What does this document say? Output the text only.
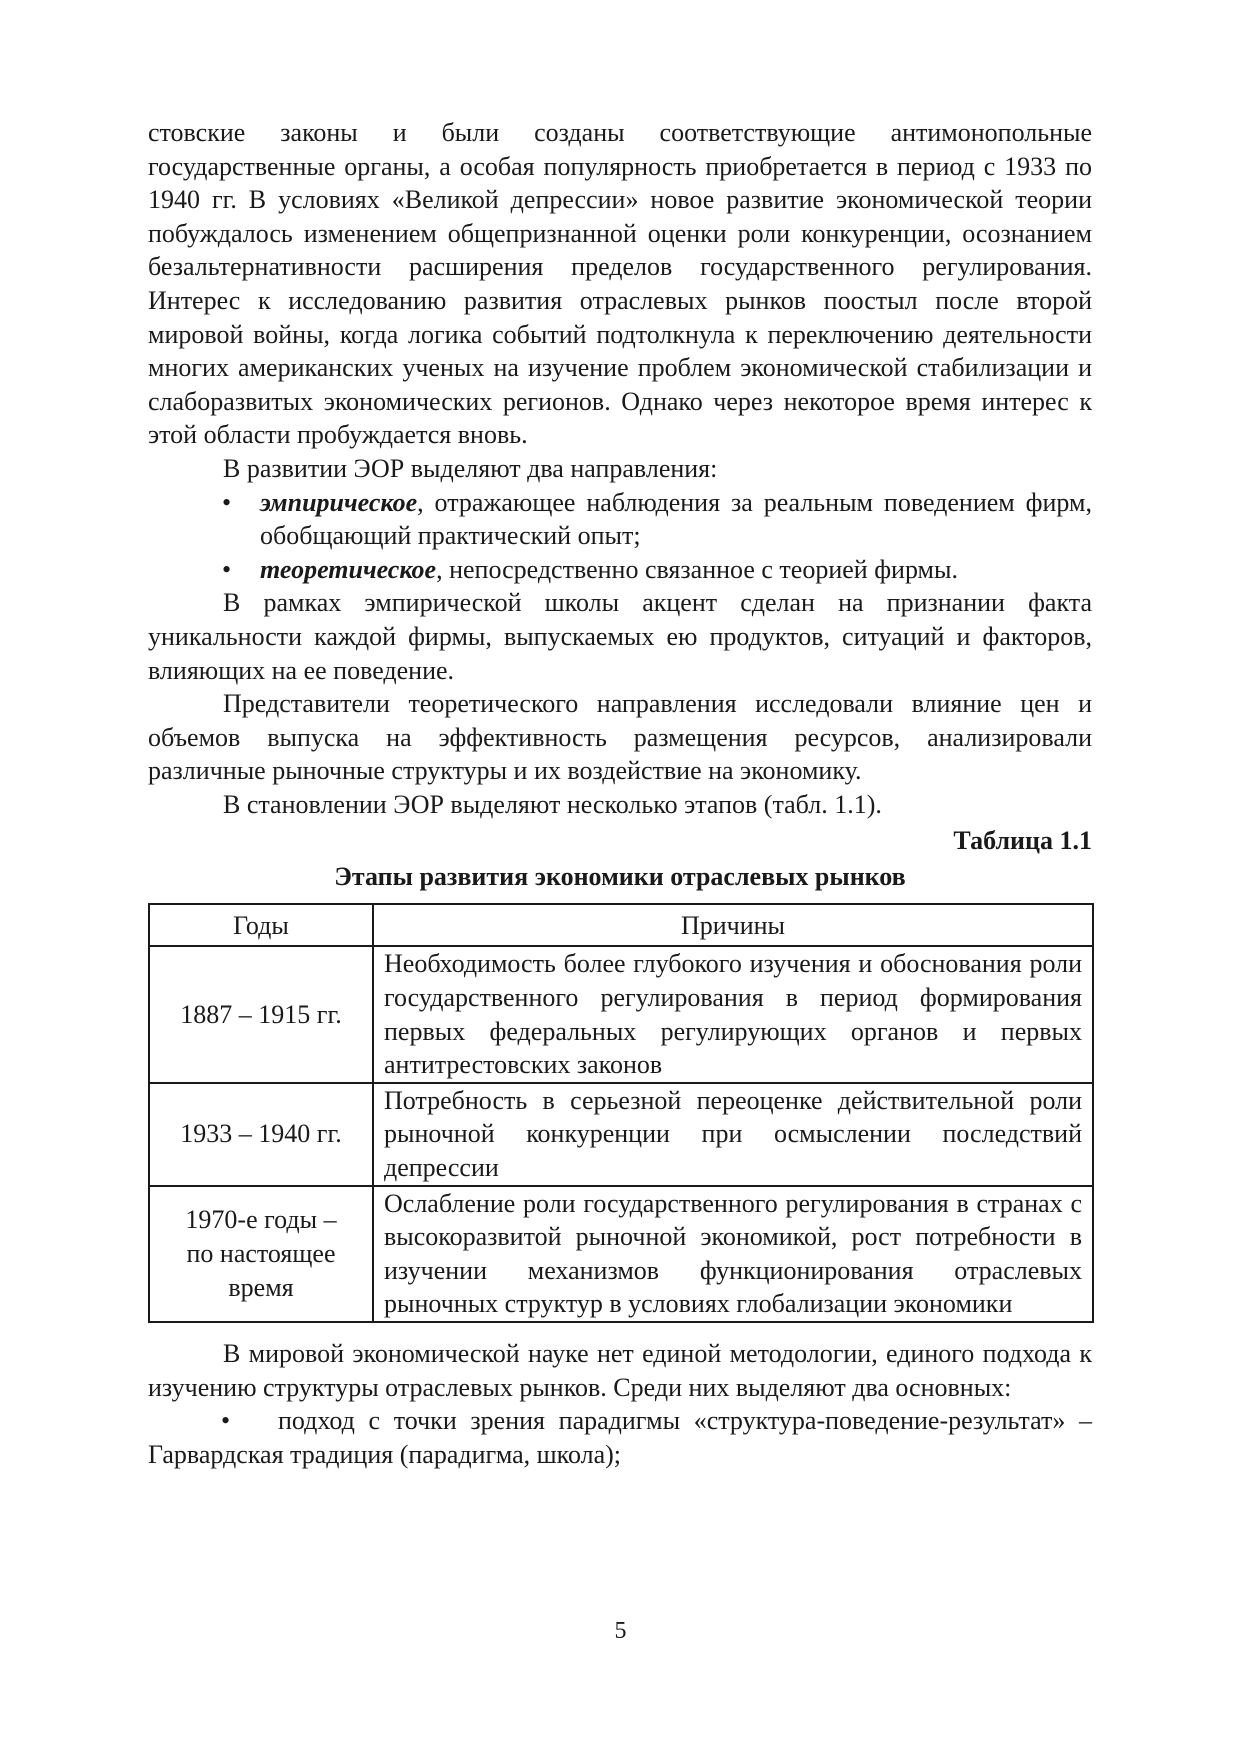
стовские законы и были созданы соответствующие антимонопольные государственные органы, а особая популярность приобретается в период с 1933 по 1940 гг. В условиях «Великой депрессии» новое развитие экономической теории побуждалось изменением общепризнанной оценки роли конкуренции, осознанием безальтернативности расширения пределов государственного регулирования. Интерес к исследованию развития отраслевых рынков поостыл после второй мировой войны, когда логика событий подтолкнула к переключению деятельности многих американских ученых на изучение проблем экономической стабилизации и слаборазвитых экономических регионов. Однако через некоторое время интерес к этой области пробуждается вновь.

В развитии ЭОР выделяют два направления:

• эмпирическое, отражающее наблюдения за реальным поведением фирм, обобщающий практический опыт;
• теоретическое, непосредственно связанное с теорией фирмы.

В рамках эмпирической школы акцент сделан на признании факта уникальности каждой фирмы, выпускаемых ею продуктов, ситуаций и факторов, влияющих на ее поведение.

Представители теоретического направления исследовали влияние цен и объемов выпуска на эффективность размещения ресурсов, анализировали различные рыночные структуры и их воздействие на экономику.

В становлении ЭОР выделяют несколько этапов (табл. 1.1).

Таблица 1.1
Этапы развития экономики отраслевых рынков
Годы	Причины
1887 – 1915 гг.	Необходимость более глубокого изучения и обоснования роли государственного регулирования в период формирования первых федеральных регулирующих органов и первых антитрестовских законов
1933 – 1940 гг.	Потребность в серьезной переоценке действительной роли рыночной конкуренции при осмыслении последствий депрессии
1970-е годы – по настоящее время	Ослабление роли государственного регулирования в странах с высокоразвитой рыночной экономикой, рост потребности в изучении механизмов функционирования отраслевых рыночных структур в условиях глобализации экономики

В мировой экономической науке нет единой методологии, единого подхода к изучению структуры отраслевых рынков. Среди них выделяют два основных:

• подход с точки зрения парадигмы «структура-поведение-результат» – Гарвардская традиция (парадигма, школа);

5
